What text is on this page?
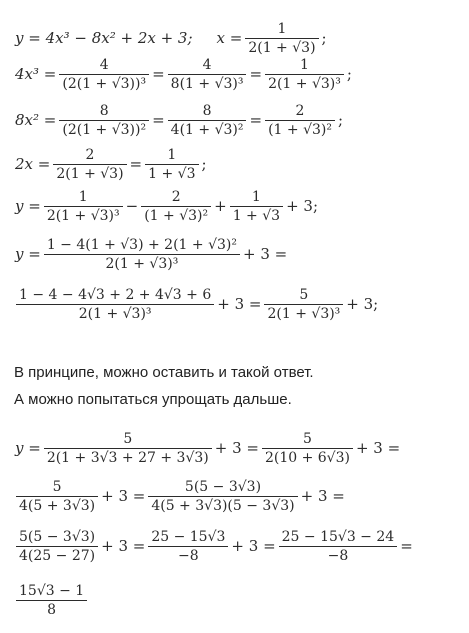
y = 4x³ − 8x² + 2x + 3; $x = \frac{1}{2(1 + √3)}$ ;
$4x^3 = \frac{4}{\text{(2(1 + √3))³}} = \frac{4}{\text{8(1 + √3)³}} = \frac{1}{\text{2(1 + √3)³}}$ ;
$8x^2 = \frac{8}{\text{(2(1 + √3))²}} = \frac{8}{\text{4(1 + √3)²}} = \frac{2}{\text{(1 + √3)²}}$ ;
$2x = \frac{2}{2(1 + √3)} = \frac{1}{1 + √3}$ ;
$y = \frac{1}{\text{2(1 + √3)³}} - \frac{2}{\text{(1 + √3)²}} + \frac{1}{1 + √3} + 3$;
$y = \frac{\text{1 − 4(1 + √3) + 2(1 + √3)²}}{\text{2(1 + √3)³}} + 3$ =
$\frac{1 - 4 - 4√3 + 2 + 4√3 + 6}{\text{2(1 + √3)³}} + 3 = \frac{5}{\text{2(1 + √3)³}} + 3$;
В принципе, можно оставить и такой ответ.
А можно попытаться упрощать дальше.
$y = \frac{5}{2(1 + 3√3 + 27 + 3√3)} + 3 = \frac{5}{2(10 + 6√3)} + 3$ =
$\frac{5}{4(5 + 3√3)} + 3 = \frac{5(5 - 3√3)}{4(5 + 3√3)(5 - 3√3)} + 3$ =
$\frac{5(5 - 3√3)}{4(25 - 27)} + 3 = \frac{25 - 15√3}{-8} + 3 = \frac{25 - 15√3 - 24}{-8}$ =
$\frac{15√3 - 1}{8}$
